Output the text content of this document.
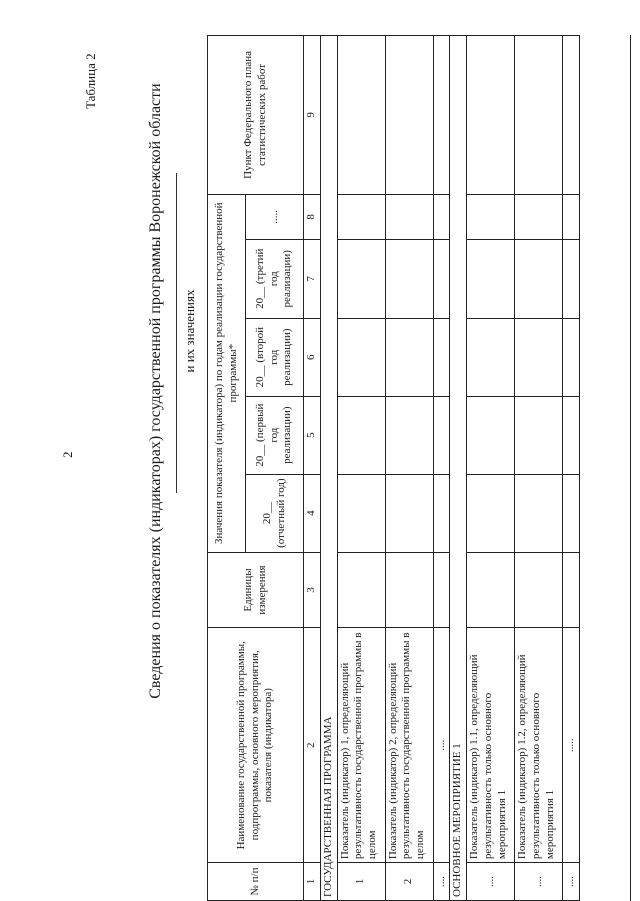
2
Таблица 2
Сведения о показателях (индикаторах) государственной программы Воронежской области и их значениях
№ п/п	Наименование государственной программы, подпрограммы, основного мероприятия, показателя (индикатора)	Единицы измерения	Значения показателя (индикатора) по годам реализации государственной программы*					Пункт Федерального плана статистических работ
			20__ (отчетный год)	20__ (первый год реализации)	20__ (второй год реализации)	20__ (третий год реализации)	.....	
1	2	3	4	5	6	7	8	9
ГОСУДАРСТВЕННАЯ ПРОГРАММА								
1	Показатель (индикатор) 1, определяющий результативность государственной программы в целом							
2	Показатель (индикатор) 2, определяющий результативность государственной программы в целом							
....	....							
ОСНОВНОЕ МЕРОПРИЯТИЕ 1								
....	Показатель (индикатор) 1.1, определяющий результативность только основного мероприятия 1							
....	Показатель (индикатор) 1.2, определяющий результативность только основного мероприятия 1							
....	.....							
